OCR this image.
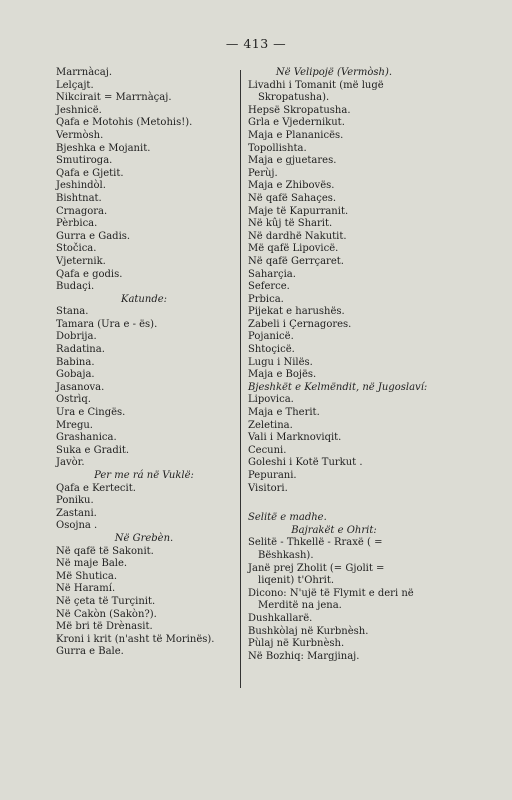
— 413 —
Marrnàcaj.
Lelçajt.
Nikcirait = Marrnàçaj.
Jeshnicë.
Qafa e Motohis (Metohis!).
Vermòsh.
Bjeshka e Mojanit.
Smutiroga.
Qafa e Gjetit.
Jeshindòl.
Bishtnat.
Crnagora.
Pèrbica.
Gurra e Gadis.
Stočica.
Vjeternik.
Qafa e godis.
Budaçi.
Katunde:
Stana.
Tamara (Ura e - ës).
Dobrija.
Radatina.
Babina.
Gobaja.
Jasanova.
Ostrìq.
Ura e Cingës.
Mregu.
Grashanica.
Suka e Gradit.
Javòr.
Per me rá në Vuklë:
Qafa e Kertecit.
Poniku.
Zastani.
Osojna .
Në Grebèn.
Në qafë të Sakonit.
Në maje Bale.
Më Shutica.
Në Haramí.
Në çeta të Turçinit.
Në Cakòn (Sakòn?).
Më bri të Drènasit.
Kroni i krit (n'asht të Morinës).
Gurra e Bale.
Në Velipojë (Vermòsh).
Livadhi i Tomanit (më lugë Skropatusha).
Hepsë Skropatusha.
Grla e Vjedernikut.
Maja e Plananicës.
Topollishta.
Maja e gjuetares.
Perùj.
Maja e Zhibovës.
Në qafë Sahaçes.
Maje të Kapurranit.
Në kûj të Sharit.
Në dardhë Nakutit.
Më qafë Lipovicë.
Në qafë Gerrçaret.
Saharçia.
Seferce.
Prbica.
Pijekat e harushës.
Zabeli i Çernagores.
Pojanicë.
Shtoçicë.
Lugu i Nilës.
Maja e Bojës.
Bjeshkët e Kelmëndit, në Jugoslaví:
Lipovica.
Maja e Therit.
Zeletina.
Vali i Marknoviqit.
Cecuni.
Goleshi i Kotë Turkut .
Pepurani.
Visitori.
Selitë e madhe.
Bajrakët e Ohrit:
Selitë - Thkellë - Rraxë ( = Bëshkash).
Janë prej Zholit (= Gjolit = liqenit) t'Ohrit.
Dicono: N'ujë të Flymit e deri në Merditë na jena.
Dushkallarë.
Bushkòlaj në Kurbnèsh.
Pùlaj në Kurbnèsh.
Në Bozhiq: Margjinaj.
